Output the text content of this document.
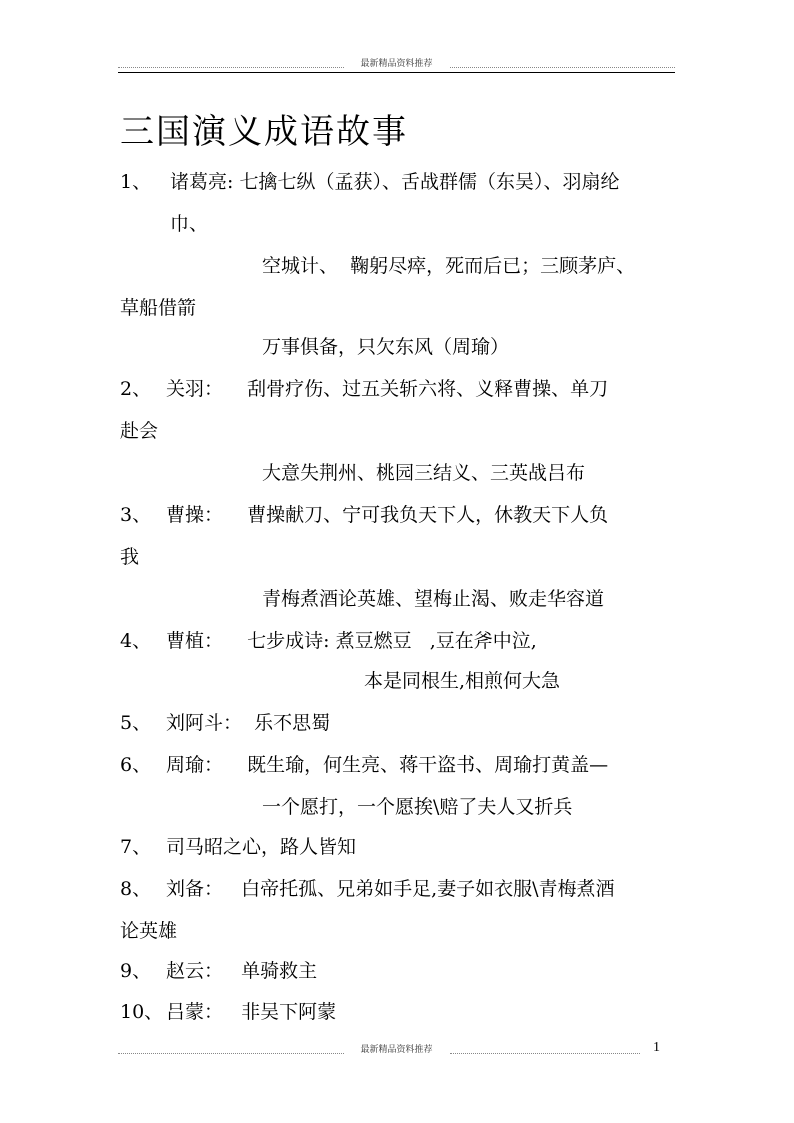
最新精品资料推荐
三国演义成语故事
1、 诸葛亮: 七擒七纵（孟获）、舌战群儒（东吴）、羽扇纶
巾、
空城计、  鞠躬尽瘁，死而后已；三顾茅庐、
草船借箭
万事俱备，只欠东风（周瑜）
2、 关羽：    刮骨疗伤、过五关斩六将、义释曹操、单刀
赴会
大意失荆州、桃园三结义、三英战吕布
3、 曹操：    曹操献刀、宁可我负天下人，休教天下人负
我
青梅煮酒论英雄、望梅止渴、败走华容道
4、 曹植：    七步成诗: 煮豆燃豆   ,豆在斧中泣,
本是同根生,相煎何大急
5、 刘阿斗：  乐不思蜀
6、 周瑜：    既生瑜，何生亮、蒋干盗书、周瑜打黄盖—
一个愿打，一个愿挨\赔了夫人又折兵
7、 司马昭之心，路人皆知
8、 刘备：   白帝托孤、兄弟如手足,妻子如衣服\青梅煮酒
论英雄
9、 赵云：   单骑救主
10、 吕蒙：   非吴下阿蒙
最新精品资料推荐	1
